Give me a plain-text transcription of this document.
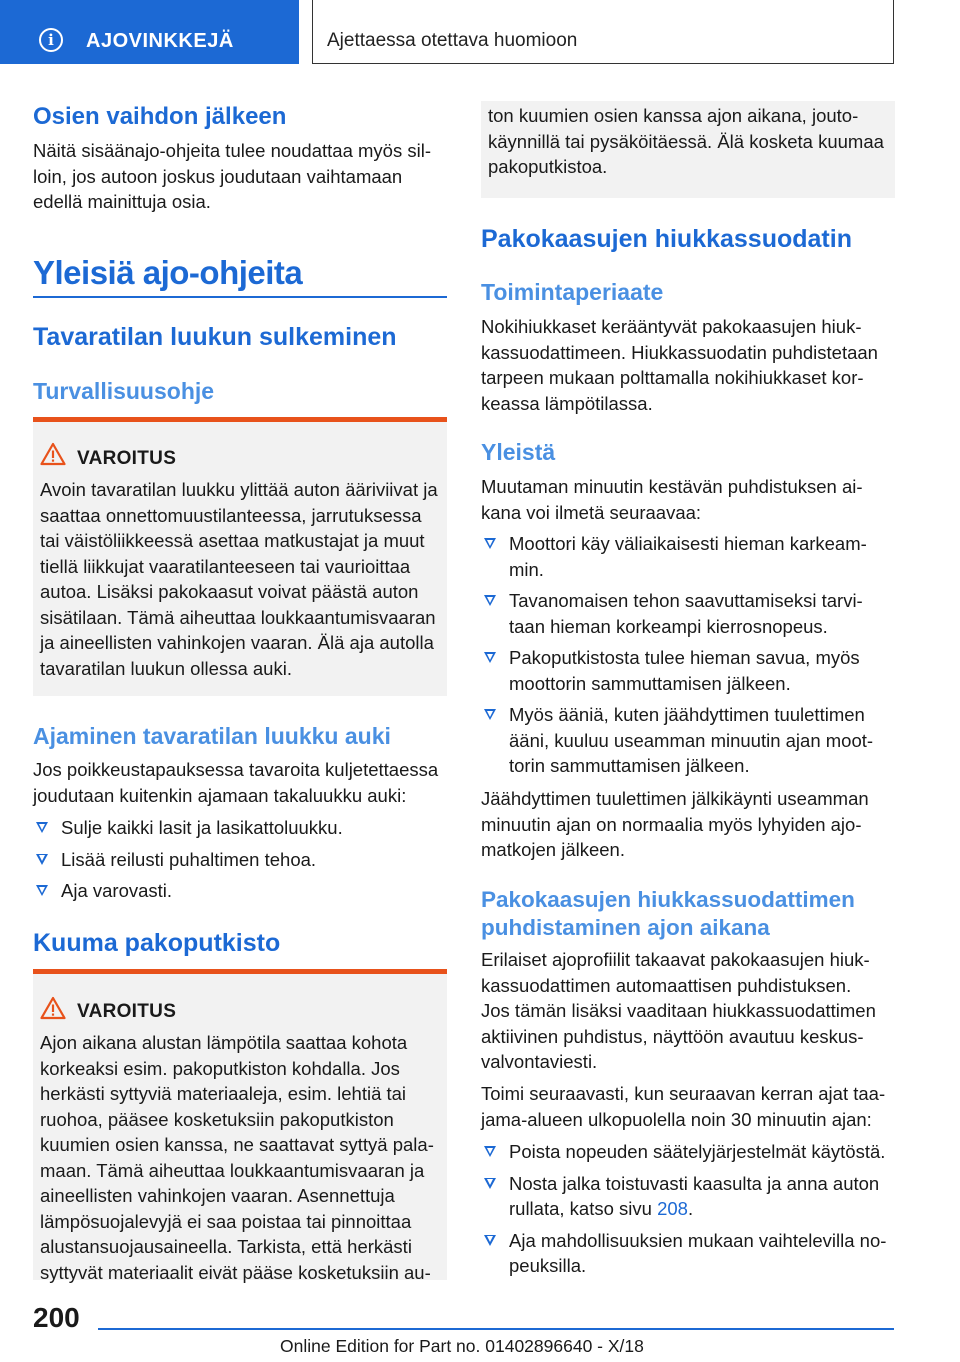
i AJOVINKKEJÄ	Ajettaessa otettava huomioon
Osien vaihdon jälkeen

Näitä sisäänajo-ohjeita tulee noudattaa myös sil-
loin, jos autoon joskus joudutaan vaihtamaan
edellä mainittuja osia.

Yleisiä ajo-ohjeita
Tavaratilan luukun sulkeminen
Turvallisuusohje
VAROITUS

Avoin tavaratilan luukku ylittää auton ääriviivat ja
saattaa onnettomuustilanteessa, jarrutuksessa
tai väistöliikkeessä asettaa matkustajat ja muut
tiellä liikkujat vaaratilanteeseen tai vaurioittaa
autoa. Lisäksi pakokaasut voivat päästä auton
sisätilaan. Tämä aiheuttaa loukkaantumisvaaran
ja aineellisten vahinkojen vaaran. Älä aja autolla
tavaratilan luukun ollessa auki.

Ajaminen tavaratilan luukku auki

Jos poikkeustapauksessa tavaroita kuljetettaessa
joudutaan kuitenkin ajamaan takaluukku auki:

Sulje kaikki lasit ja lasikattoluukku.
Lisää reilusti puhaltimen tehoa.
Aja varovasti.
Kuuma pakoputkisto
VAROITUS

Ajon aikana alustan lämpötila saattaa kohota
korkeaksi esim. pakoputkiston kohdalla. Jos
herkästi syttyviä materiaaleja, esim. lehtiä tai
ruohoa, pääsee kosketuksiin pakoputkiston
kuumien osien kanssa, ne saattavat syttyä pala-
maan. Tämä aiheuttaa loukkaantumisvaaran ja
aineellisten vahinkojen vaaran. Asennettuja
lämpösuojalevyjä ei saa poistaa tai pinnoittaa
alustansuojausaineella. Tarkista, että herkästi
syttyvät materiaalit eivät pääse kosketuksiin au-

ton kuumien osien kanssa ajon aikana, jouto-
käynnillä tai pysäköitäessä. Älä kosketa kuumaa
pakoputkistoa.

Pakokaasujen hiukkassuodatin
Toimintaperiaate

Nokihiukkaset kerääntyvät pakokaasujen hiuk-
kassuodattimeen. Hiukkassuodatin puhdistetaan
tarpeen mukaan polttamalla nokihiukkaset kor-
keassa lämpötilassa.

Yleistä

Muutaman minuutin kestävän puhdistuksen ai-
kana voi ilmetä seuraavaa:

Moottori käy väliaikaisesti hieman karkeam-
min.
Tavanomaisen tehon saavuttamiseksi tarvi-
taan hieman korkeampi kierrosnopeus.
Pakoputkistosta tulee hieman savua, myös
moottorin sammuttamisen jälkeen.
Myös ääniä, kuten jäähdyttimen tuulettimen
ääni, kuuluu useamman minuutin ajan moot-
torin sammuttamisen jälkeen.

Jäähdyttimen tuulettimen jälkikäynti useamman
minuutin ajan on normaalia myös lyhyiden ajo-
matkojen jälkeen.

Pakokaasujen hiukkassuodattimen
puhdistaminen ajon aikana

Erilaiset ajoprofiilit takaavat pakokaasujen hiuk-
kassuodattimen automaattisen puhdistuksen.
Jos tämän lisäksi vaaditaan hiukkassuodattimen
aktiivinen puhdistus, näyttöön avautuu keskus-
valvontaviesti.

Toimi seuraavasti, kun seuraavan kerran ajat taa-
jama-alueen ulkopuolella noin 30 minuutin ajan:

Poista nopeuden säätelyjärjestelmät käytöstä.
Nosta jalka toistuvasti kaasulta ja anna auton
rullata, katso sivu 208.
Aja mahdollisuuksien mukaan vaihtelevilla no-
peuksilla.
200
Online Edition for Part no. 01402896640 - X/18
